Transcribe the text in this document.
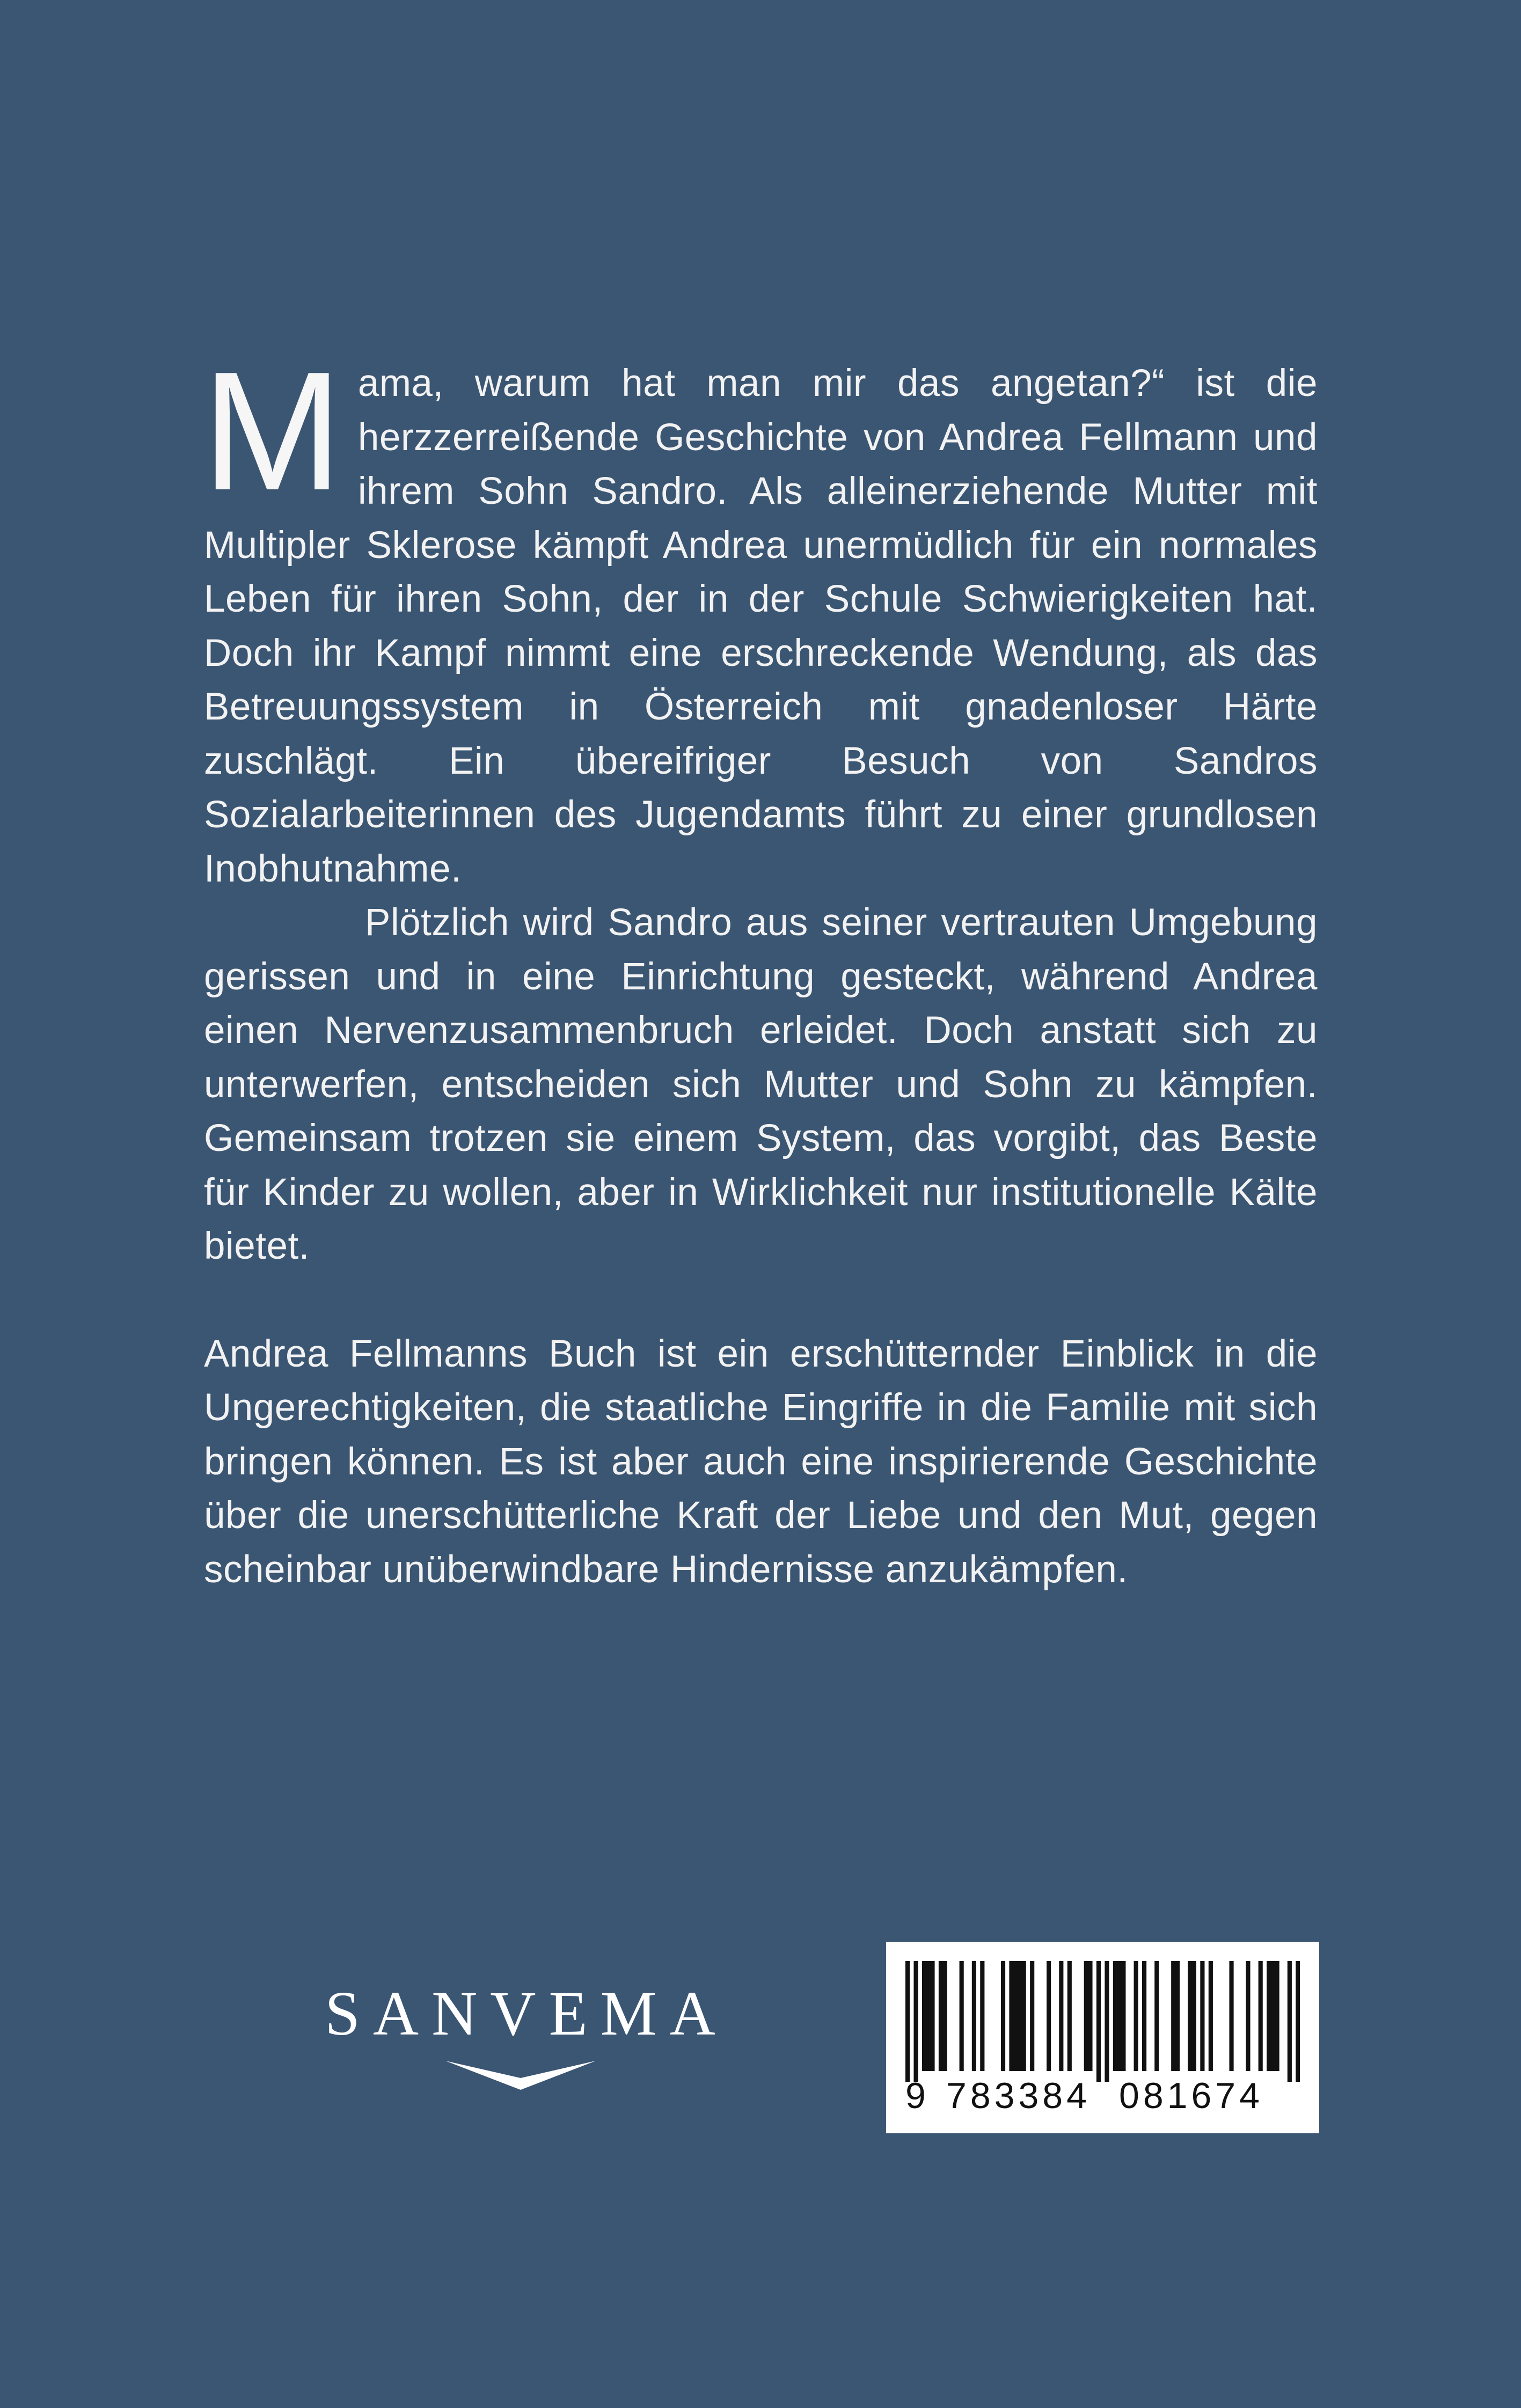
Mama, warum hat man mir das angetan?“ ist die herzzerreißende Geschichte von Andrea Fellmann und ihrem Sohn Sandro. Als alleinerziehende Mutter mit Multipler Sklerose kämpft Andrea unermüdlich für ein normales Leben für ihren Sohn, der in der Schule Schwierigkeiten hat. Doch ihr Kampf nimmt eine erschreckende Wendung, als das Betreuungssystem in Österreich mit gnadenloser Härte zuschlägt. Ein übereifriger Besuch von Sandros Sozialarbeiterinnen des Jugendamts führt zu einer grundlosen Inobhutnahme.

Plötzlich wird Sandro aus seiner vertrauten Umgebung gerissen und in eine Einrichtung gesteckt, während Andrea einen Nervenzusammenbruch erleidet. Doch anstatt sich zu unterwerfen, entscheiden sich Mutter und Sohn zu kämpfen. Gemeinsam trotzen sie einem System, das vorgibt, das Beste für Kinder zu wollen, aber in Wirklichkeit nur institutionelle Kälte bietet.

Andrea Fellmanns Buch ist ein erschütternder Einblick in die Ungerechtigkeiten, die staatliche Eingriffe in die Familie mit sich bringen können. Es ist aber auch eine inspirierende Geschichte über die unerschütterliche Kraft der Liebe und den Mut, gegen scheinbar unüberwindbare Hindernisse anzukämpfen.

SANVEMA
9 783384 081674
